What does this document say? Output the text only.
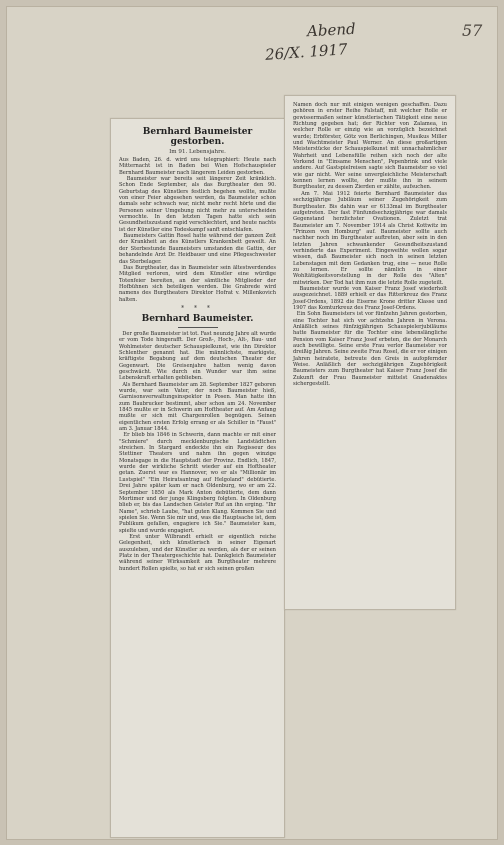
Abend
26/X. 1917
57
Bernhard Baumeister gestorben.
Im 91. Lebensjahre.

Aus Baden, 26. d. wird uns telegraphiert: Heute nach Mitternacht ist in Baden bei Wien Hofschauspieler Bernhard Baumeister nach längerem Leiden gestorben.
Baumeister war bereits seit längerer Zeit kränklich. Schon Ende September, als das Burgtheater den 90. Geburtstag des Künstlers festlich begehen wollte, mußte von einer Feier abgesehen werden, da Baumeister schon damals sehr schwach war, nicht mehr recht hörte und die Personen seiner Umgebung nicht mehr zu unterscheiden vermochte. In den letzten Tagen hatte sich sein Gesundheitszustand rapid verschlechtert, und heute nachts ist der Künstler eine Todeskampf sanft entschlafen.
Baumeisters Gattin Rosel hatte während der ganzen Zeit der Krankheit an des Künstlers Krankenbett geweilt. An der Sterbestunde Baumeisters umstanden die Gattin, der behandelnde Arzt Dr. Heidbauer und eine Pflegeschwester das Sterbelager.
Das Burgtheater, das in Baumeister sein ältestwerdendes Mitglied verloren, wird dem Künstler eine würdige Totenfeier bereiten, an der sämtliche Mitglieder der Hofbühnen sich beteiligen werden. Die Grabrede wird namens des Burgtheaters Direktor Hofrat v. Millenkovich halten.

* * *
Bernhard Baumeister.

Der große Baumeister ist tot. Fast neunzig Jahre alt wurde er vom Tode hingerafft. Der Groß-, Hoch-, Alt-, Bau- und Wohlmeister deutscher Schauspielkunst, wie ihn Direktor Schlenther genannt hat. Die männlichste, markigste, kräftigste Begabung auf dem deutschen Theater der Gegenwart. Die Greisenjahre hatten wenig davon geschwächt. Wie durch ein Wunder war ihm seine Lebenskraft erhalten geblieben.
Als Bernhard Baumeister am 28. September 1827 geboren wurde, war sein Vater, der noch Baumeister hieß, Garnisonsverwaltungsinspektor in Posen. Man hatte ihn zum Baubrucker bestimmt, aber schon am 24. November 1845 mußte er in Schwerin am Hoftheater auf. Am Anfang mußte er sich mit Chargenrollen begnügen. Seinen eigentlichen ersten Erfolg errang er als Schiller in "Faust" am 3. Januar 1844.
Er blieb bis 1846 in Schwerin, dann machte er mit einer "Schmiere" durch mecklenburgische Landstädtchen streichen. In Stargard endeckte ihn ein Regisseur des Stettiner Theaters und nahm ihn gegen winzige Monatsgage in die Hauptstadt der Provinz. Endlich, 1847, wurde der wirkliche Schritt wieder auf ein Hoftheater getan. Zuerst war es Hannover, wo er als "Millionär im Lustspiel" "Ein Heiratsantrag auf Helgoland" debütierte. Drei Jahre später kam er nach Oldenburg, wo er am 22. September 1850 als Mark Anton debütierte, dem dann Mortimer und der junge Klingsberg folgten. In Oldenburg blieb er, bis das Landschen Geister Ruf an ihn erging. "Ihr Name", schrieb Laube, "hat guten Klang. Kommen Sie und spielen Sie. Wenn Sie mir und, was die Hauptsache ist, dem Publikum gefallen, engagiere ich Sie." Baumeister kam, spielte und wurde engagiert.
Erst unter Wilbrandt erhielt er eigentlich reiche Gelegenheit, sich künstlerisch in seiner Eigenart auszuleben, und der Künstler zu werden, als der er seinen Platz in der Theatergeschichte hat. Dankgleich Baumeister während seiner Wirksamkeit am Burgtheater mehrere hundert Rollen spielte, so hat er sich seinen großen

Namen doch nur mit einigen wenigen geschaffen. Dazu gehören in erster Reihe Falstaff, mit welcher Rolle er gewissermaßen seiner künstlerischen Tätigkeit eine neue Richtung gegeben hat; der Richter von Zalamea, in welcher Rolle er einzig wie an vorzüglich bezeichnet wurde; Erbförster, Götz von Berlichingen, Musikus Miller und Wachtmeister Paul Werner. An diese großartigen Meisterstücke der Schauspielkunst mit unnachahmlicher Wahrheit und Lebensfülle reihen sich noch der alte Vorkend in "Einsame Menschen", Pepenbrink und viele andere. Auf Gastspielreisen sagte sich Baumeister so viel wie gar nicht. Wer seine unvergleichliche Meisterschaft kennen lernen wollte, der mußte ihn in seinem Burgtheater, zu dessen Zierden er zählte, aufsuchen.
Am 7. Mai 1912 feierte Bernhard Baumeister das sechzigjährige Jubiläum seiner Zugehörigkeit zum Burgtheater. Bis dahin war er 6133mal im Burgtheater aufgetreten. Der fast Fünfundsechzigjährige war damals Gegenstand herzlichster Ovationen. Zuletzt trat Baumeister am 7. November 1914 als Christ Kottwitz im "Prinzen von Homburg" auf. Baumeister sollte auch nachher noch im Burgtheater auftreten, aber sein in den letzten Jahren schwankender Gesundheitszustand verhinderte das Experiment. Eingeweihte wollen sogar wissen, daß Baumeister sich noch in seinen letzten Lebenstagen mit dem Gedanken trug, eine — neue Rolle zu lernen. Er sollte nämlich in einer Wohltätigkeitsvorstellung in der Rolle des "Alten" mitwirken. Der Tod hat ihm nun die letzte Rolle zugeteilt.
Baumeister wurde von Kaiser Franz Josef wiederholt ausgezeichnet. 1889 erhielt er das Ritterkreuz des Franz Josef-Ordens, 1892 die Eiserne Krone dritter Klasse und 1907 das Komturkreuz des Franz Josef-Ordens.
Ein Sohn Baumeisters ist vor fünfzehn Jahren gestorben, eine Tochter hat sich vor achtzehn Jahren in Verona. Anläßlich seines fünfzigjährigen Schauspielerjubiläums hatte Baumeister für die Tochter eine lebenslängliche Pension vom Kaiser Franz Josef erbeten, die der Monarch auch bewilligte. Seine erste Frau verlor Baumeister vor dreißig Jahren. Seine zweite Frau Rosel, die er vor einigen Jahren heiratete, betreute den Greis in aufopfernder Weise. Anläßlich der sechzigjährigen Zugehörigkeit Baumeisters zum Burgtheater hat Kaiser Franz Josef die Zukunft der Frau Baumeister mittelst Gnadenaktes sichergestellt.
